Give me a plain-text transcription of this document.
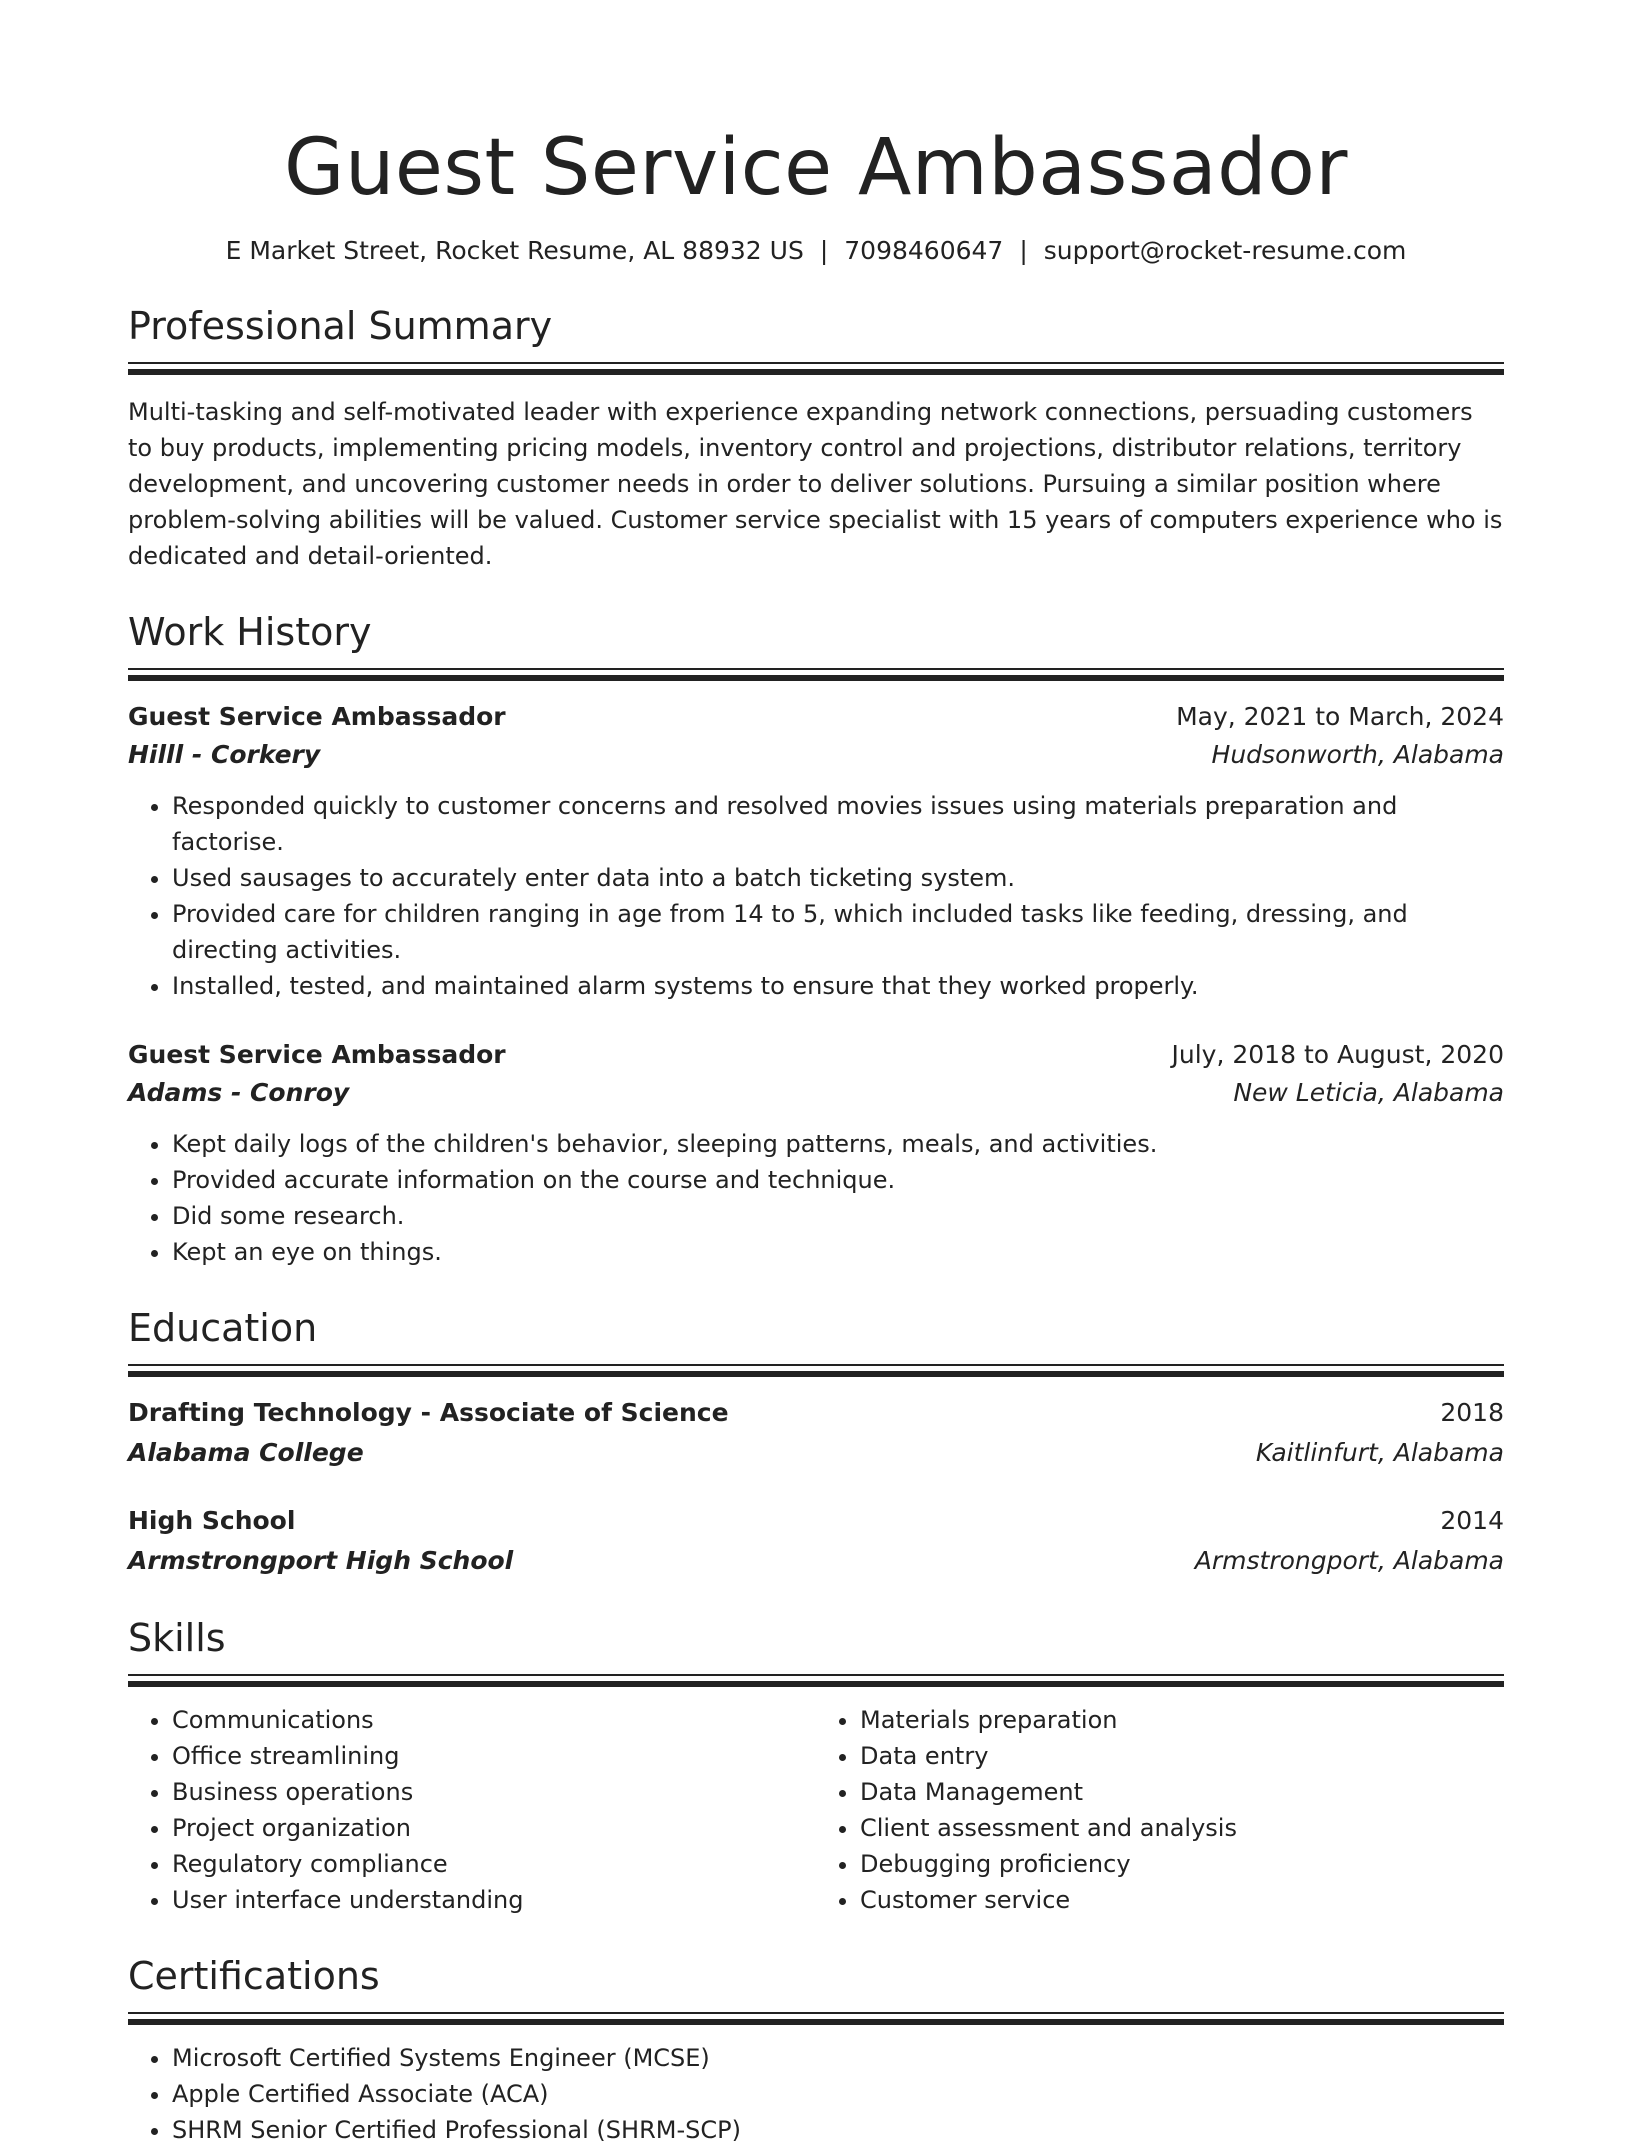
Guest Service Ambassador
E Market Street, Rocket Resume, AL 88932 US | 7098460647 | support@rocket-resume.com
Professional Summary
Multi-tasking and self-motivated leader with experience expanding network connections, persuading customers to buy products, implementing pricing models, inventory control and projections, distributor relations, territory development, and uncovering customer needs in order to deliver solutions. Pursuing a similar position where problem-solving abilities will be valued. Customer service specialist with 15 years of computers experience who is dedicated and detail-oriented.
Work History
Guest Service Ambassador	May, 2021 to March, 2024
Hilll - Corkery	Hudsonworth, Alabama
• Responded quickly to customer concerns and resolved movies issues using materials preparation and factorise.
• Used sausages to accurately enter data into a batch ticketing system.
• Provided care for children ranging in age from 14 to 5, which included tasks like feeding, dressing, and directing activities.
• Installed, tested, and maintained alarm systems to ensure that they worked properly.
Guest Service Ambassador	July, 2018 to August, 2020
Adams - Conroy	New Leticia, Alabama
• Kept daily logs of the children's behavior, sleeping patterns, meals, and activities.
• Provided accurate information on the course and technique.
• Did some research.
• Kept an eye on things.
Education
Drafting Technology - Associate of Science	2018
Alabama College	Kaitlinfurt, Alabama
High School	2014
Armstrongport High School	Armstrongport, Alabama
Skills
• Communications
• Office streamlining
• Business operations
• Project organization
• Regulatory compliance
• User interface understanding
• Materials preparation
• Data entry
• Data Management
• Client assessment and analysis
• Debugging proficiency
• Customer service
Certifications
• Microsoft Certified Systems Engineer (MCSE)
• Apple Certified Associate (ACA)
• SHRM Senior Certified Professional (SHRM-SCP)
